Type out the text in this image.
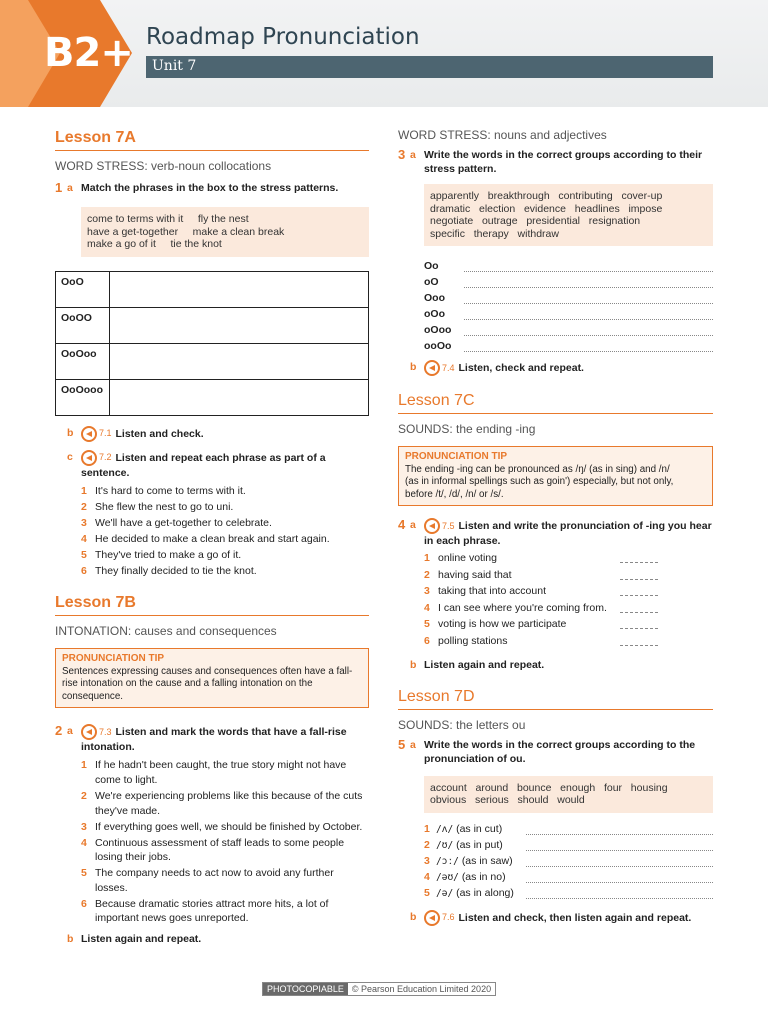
B2+ Roadmap Pronunciation
Unit 7
Lesson 7A
WORD STRESS: verb-noun collocations
1 a Match the phrases in the box to the stress patterns.
come to terms with it     fly the nest
have a get-together     make a clean break
make a go of it     tie the knot
OoO	
OoOO	
OoOoo	
OoOooo	
b	7.1 Listen and check.
c	7.2 Listen and repeat each phrase as part of a sentence.
1 It's hard to come to terms with it.
2 She flew the nest to go to uni.
3 We'll have a get-together to celebrate.
4 He decided to make a clean break and start again.
5 They've tried to make a go of it.
6 They finally decided to tie the knot.
Lesson 7B
INTONATION: causes and consequences
PRONUNCIATION TIP
Sentences expressing causes and consequences often have a fall-rise intonation on the cause and a falling intonation on the consequence.
2 a	7.3 Listen and mark the words that have a fall-rise intonation.
1 If he hadn't been caught, the true story might not have come to light.
2 We're experiencing problems like this because of the cuts they've made.
3 If everything goes well, we should be finished by October.
4 Continuous assessment of staff leads to some people losing their jobs.
5 The company needs to act now to avoid any further losses.
6 Because dramatic stories attract more hits, a lot of important news goes unreported.
b Listen again and repeat.
WORD STRESS: nouns and adjectives
3 a Write the words in the correct groups according to their stress pattern.
apparently   breakthrough   contributing   cover-up
dramatic   election   evidence   headlines   impose
negotiate   outrage   presidential   resignation
specific   therapy   withdraw
Oo
oO
Ooo
oOo
oOoo
ooOo
b	7.4 Listen, check and repeat.
Lesson 7C
SOUNDS: the ending -ing
PRONUNCIATION TIP
The ending -ing can be pronounced as /ŋ/ (as in sing) and /n/
(as in informal spellings such as goin') especially, but not only,
before /t/, /d/, /n/ or /s/.
4 a	7.5 Listen and write the pronunciation of -ing you hear in each phrase.
1 online voting
2 having said that
3 taking that into account
4 I can see where you're coming from.
5 voting is how we participate
6 polling stations
b Listen again and repeat.
Lesson 7D
SOUNDS: the letters ou
5 a Write the words in the correct groups according to the pronunciation of ou.
account   around   bounce   enough   four   housing
obvious   serious   should   would
1 /ʌ/ (as in cut)
2 /ʊ/ (as in put)
3 /ɔː/ (as in saw)
4 /əʊ/ (as in no)
5 /ə/ (as in along)
b	7.6 Listen and check, then listen again and repeat.
PHOTOCOPIABLE © Pearson Education Limited 2020
